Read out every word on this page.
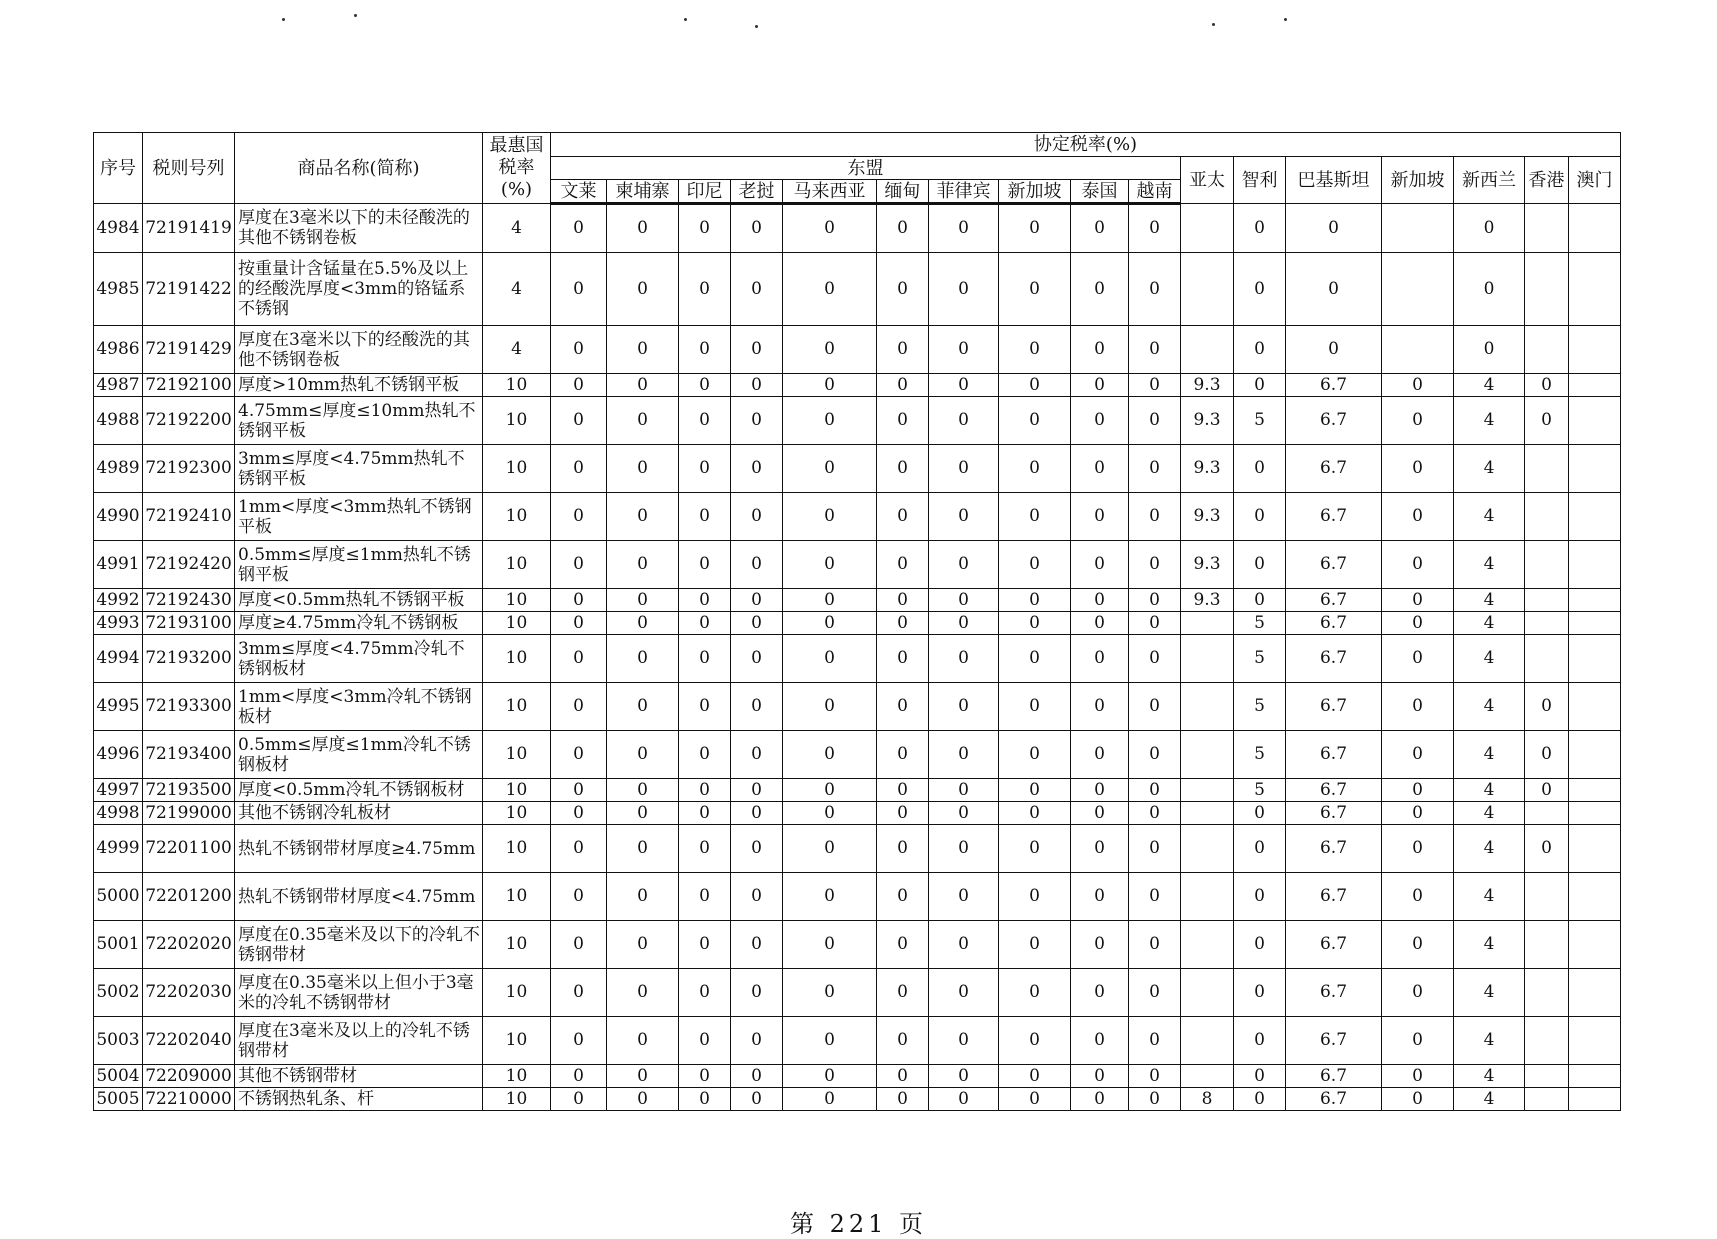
序号	税则号列	商品名称(简称)	最惠国税率(%)	协定税率(%)																
				东盟										亚太	智利	巴基斯坦	新加坡	新西兰	香港	澳门
				文莱	柬埔寨	印尼	老挝	马来西亚	缅甸	菲律宾	新加坡	泰国	越南							
4984	72191419	厚度在3毫米以下的未径酸洗的其他不锈钢卷板	4	0	0	0	0	0	0	0	0	0	0		0	0		0		
4985	72191422	按重量计含锰量在5.5%及以上的经酸洗厚度<3mm的铬锰系不锈钢	4	0	0	0	0	0	0	0	0	0	0		0	0		0		
4986	72191429	厚度在3毫米以下的经酸洗的其他不锈钢卷板	4	0	0	0	0	0	0	0	0	0	0		0	0		0		
4987	72192100	厚度>10mm热轧不锈钢平板	10	0	0	0	0	0	0	0	0	0	0	9.3	0	6.7	0	4	0	
4988	72192200	4.75mm≤厚度≤10mm热轧不锈钢平板	10	0	0	0	0	0	0	0	0	0	0	9.3	5	6.7	0	4	0	
4989	72192300	3mm≤厚度<4.75mm热轧不锈钢平板	10	0	0	0	0	0	0	0	0	0	0	9.3	0	6.7	0	4		
4990	72192410	1mm<厚度<3mm热轧不锈钢平板	10	0	0	0	0	0	0	0	0	0	0	9.3	0	6.7	0	4		
4991	72192420	0.5mm≤厚度≤1mm热轧不锈钢平板	10	0	0	0	0	0	0	0	0	0	0	9.3	0	6.7	0	4		
4992	72192430	厚度<0.5mm热轧不锈钢平板	10	0	0	0	0	0	0	0	0	0	0	9.3	0	6.7	0	4		
4993	72193100	厚度≥4.75mm冷轧不锈钢板	10	0	0	0	0	0	0	0	0	0	0		5	6.7	0	4		
4994	72193200	3mm≤厚度<4.75mm冷轧不锈钢板材	10	0	0	0	0	0	0	0	0	0	0		5	6.7	0	4		
4995	72193300	1mm<厚度<3mm冷轧不锈钢板材	10	0	0	0	0	0	0	0	0	0	0		5	6.7	0	4	0	
4996	72193400	0.5mm≤厚度≤1mm冷轧不锈钢板材	10	0	0	0	0	0	0	0	0	0	0		5	6.7	0	4	0	
4997	72193500	厚度<0.5mm冷轧不锈钢板材	10	0	0	0	0	0	0	0	0	0	0		5	6.7	0	4	0	
4998	72199000	其他不锈钢冷轧板材	10	0	0	0	0	0	0	0	0	0	0		0	6.7	0	4		
4999	72201100	热轧不锈钢带材厚度≥4.75mm	10	0	0	0	0	0	0	0	0	0	0		0	6.7	0	4	0	
5000	72201200	热轧不锈钢带材厚度<4.75mm	10	0	0	0	0	0	0	0	0	0	0		0	6.7	0	4		
5001	72202020	厚度在0.35毫米及以下的冷轧不锈钢带材	10	0	0	0	0	0	0	0	0	0	0		0	6.7	0	4		
5002	72202030	厚度在0.35毫米以上但小于3毫米的冷轧不锈钢带材	10	0	0	0	0	0	0	0	0	0	0		0	6.7	0	4		
5003	72202040	厚度在3毫米及以上的冷轧不锈钢带材	10	0	0	0	0	0	0	0	0	0	0		0	6.7	0	4		
5004	72209000	其他不锈钢带材	10	0	0	0	0	0	0	0	0	0	0		0	6.7	0	4		
5005	72210000	不锈钢热轧条、杆	10	0	0	0	0	0	0	0	0	0	0	8	0	6.7	0	4		
第 221 页
